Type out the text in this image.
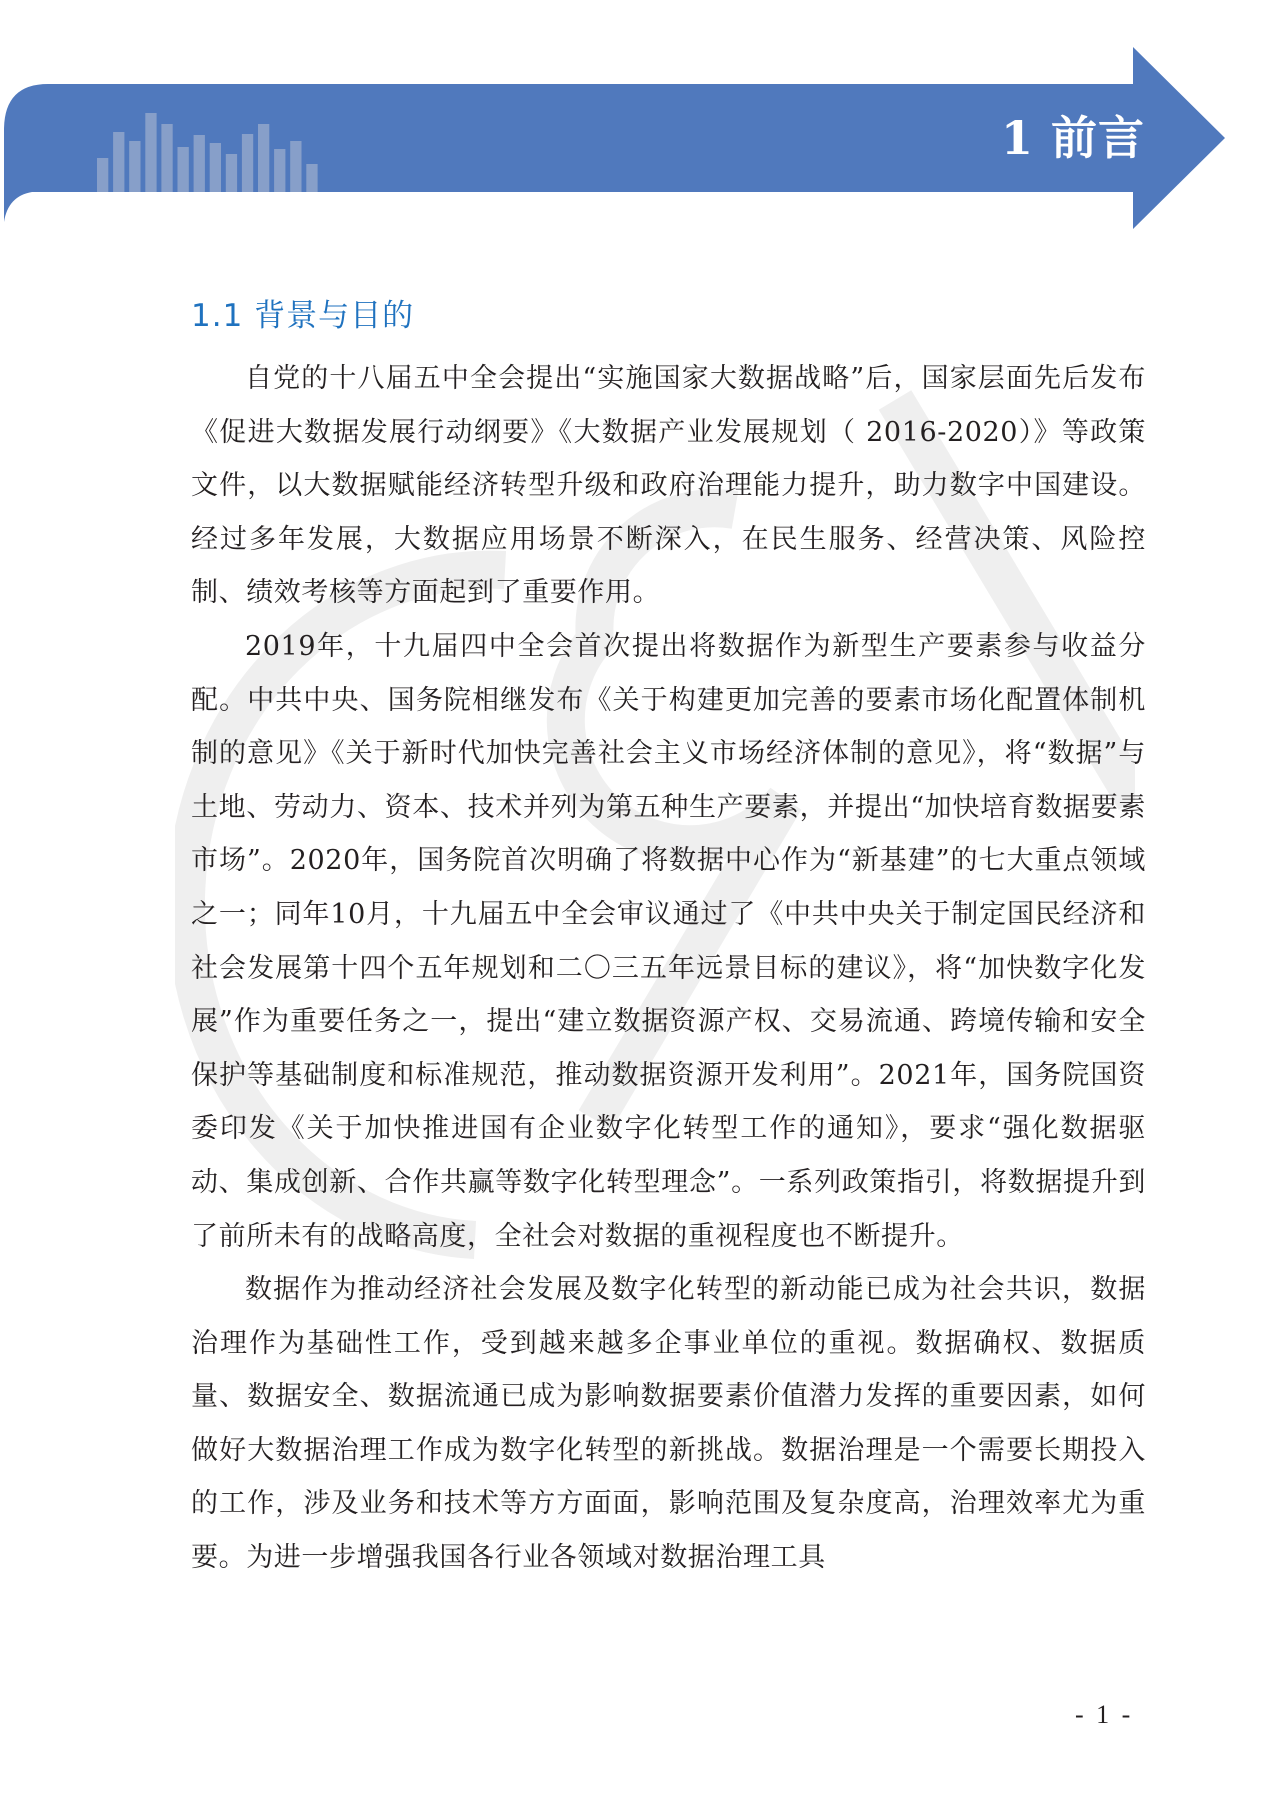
1 前言
1.1 背景与目的

自党的十八届五中全会提出“实施国家大数据战略”后，国家层面先后发布《促进大数据发展行动纲要》《大数据产业发展规划（ 2016-2020）》等政策文件，以大数据赋能经济转型升级和政府治理能力提升，助力数字中国建设。经过多年发展，大数据应用场景不断深入，在民生服务、经营决策、风险控制、绩效考核等方面起到了重要作用。

2019年，十九届四中全会首次提出将数据作为新型生产要素参与收益分配。中共中央、国务院相继发布《关于构建更加完善的要素市场化配置体制机制的意见》《关于新时代加快完善社会主义市场经济体制的意见》，将“数据”与土地、劳动力、资本、技术并列为第五种生产要素，并提出“加快培育数据要素市场”。2020年，国务院首次明确了将数据中心作为“新基建”的七大重点领域之一；同年10月，十九届五中全会审议通过了《中共中央关于制定国民经济和社会发展第十四个五年规划和二〇三五年远景目标的建议》，将“加快数字化发展”作为重要任务之一，提出“建立数据资源产权、交易流通、跨境传输和安全保护等基础制度和标准规范，推动数据资源开发利用”。2021年，国务院国资委印发《关于加快推进国有企业数字化转型工作的通知》，要求“强化数据驱动、集成创新、合作共赢等数字化转型理念”。一系列政策指引，将数据提升到了前所未有的战略高度，全社会对数据的重视程度也不断提升。

数据作为推动经济社会发展及数字化转型的新动能已成为社会共识，数据治理作为基础性工作，受到越来越多企事业单位的重视。数据确权、数据质量、数据安全、数据流通已成为影响数据要素价值潜力发挥的重要因素，如何做好大数据治理工作成为数字化转型的新挑战。数据治理是一个需要长期投入的工作，涉及业务和技术等方方面面，影响范围及复杂度高，治理效率尤为重要。为进一步增强我国各行业各领域对数据治理工具

- 1 -
